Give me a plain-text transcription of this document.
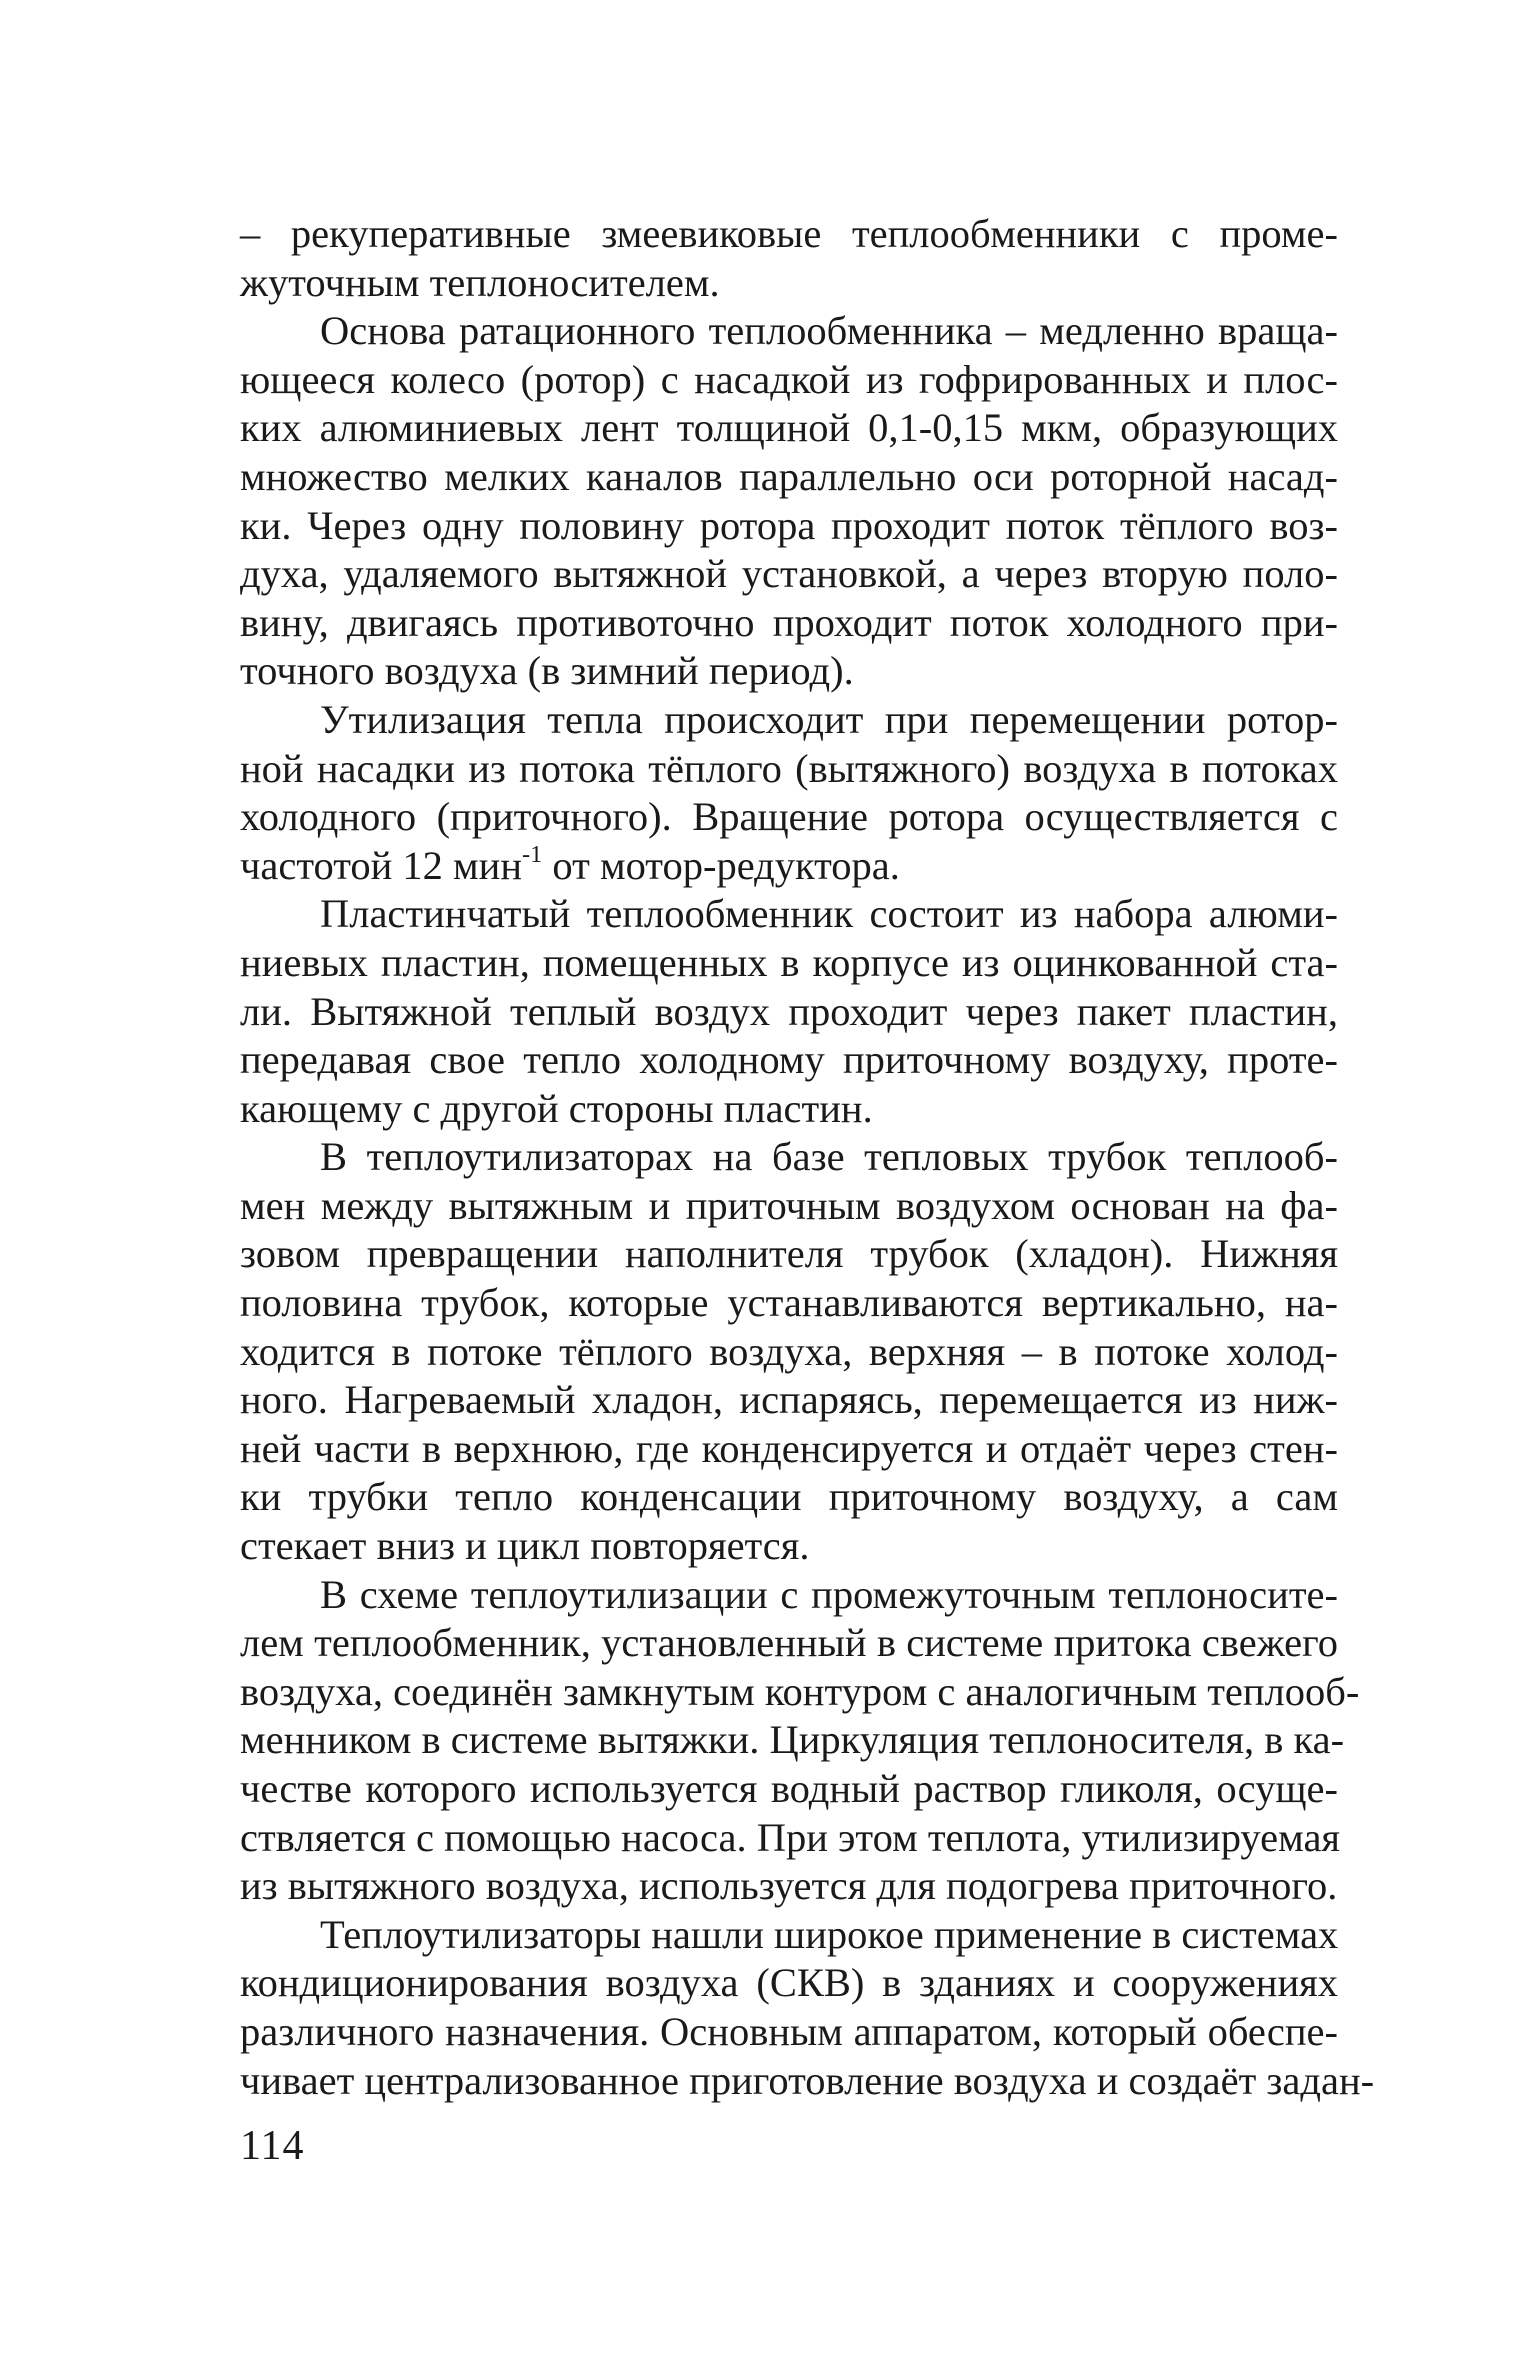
– рекуперативные змеевиковые теплообменники с проме-
жуточным теплоносителем.

Основа ратационного теплообменника – медленно враща-
ющееся колесо (ротор) с насадкой из гофрированных и плос-
ких алюминиевых лент толщиной 0,1-0,15 мкм, образующих
множество мелких каналов параллельно оси роторной насад-
ки. Через одну половину ротора проходит поток тёплого воз-
духа, удаляемого вытяжной установкой, а через вторую поло-
вину, двигаясь противоточно проходит поток холодного при-
точного воздуха (в зимний период).

Утилизация тепла происходит при перемещении ротор-
ной насадки из потока тёплого (вытяжного) воздуха в потоках
холодного (приточного). Вращение ротора осуществляется с
частотой 12 мин$^{-1}$ от мотор-редуктора.

Пластинчатый теплообменник состоит из набора алюми-
ниевых пластин, помещенных в корпусе из оцинкованной ста-
ли. Вытяжной теплый воздух проходит через пакет пластин,
передавая свое тепло холодному приточному воздуху, проте-
кающему с другой стороны пластин.

В теплоутилизаторах на базе тепловых трубок теплооб-
мен между вытяжным и приточным воздухом основан на фа-
зовом превращении наполнителя трубок (хладон). Нижняя
половина трубок, которые устанавливаются вертикально, на-
ходится в потоке тёплого воздуха, верхняя – в потоке холод-
ного. Нагреваемый хладон, испаряясь, перемещается из ниж-
ней части в верхнюю, где конденсируется и отдаёт через стен-
ки трубки тепло конденсации приточному воздуху, а сам
стекает вниз и цикл повторяется.

В схеме теплоутилизации с промежуточным теплоносите-
лем теплообменник, установленный в системе притока свежего
воздуха, соединён замкнутым контуром с аналогичным теплооб-
менником в системе вытяжки. Циркуляция теплоносителя, в ка-
честве которого используется водный раствор гликоля, осуще-
ствляется с помощью насоса. При этом теплота, утилизируемая
из вытяжного воздуха, используется для подогрева приточного.

Теплоутилизаторы нашли широкое применение в системах
кондиционирования воздуха (СКВ) в зданиях и сооружениях
различного назначения. Основным аппаратом, который обеспе-
чивает централизованное приготовление воздуха и создаёт задан-

114
